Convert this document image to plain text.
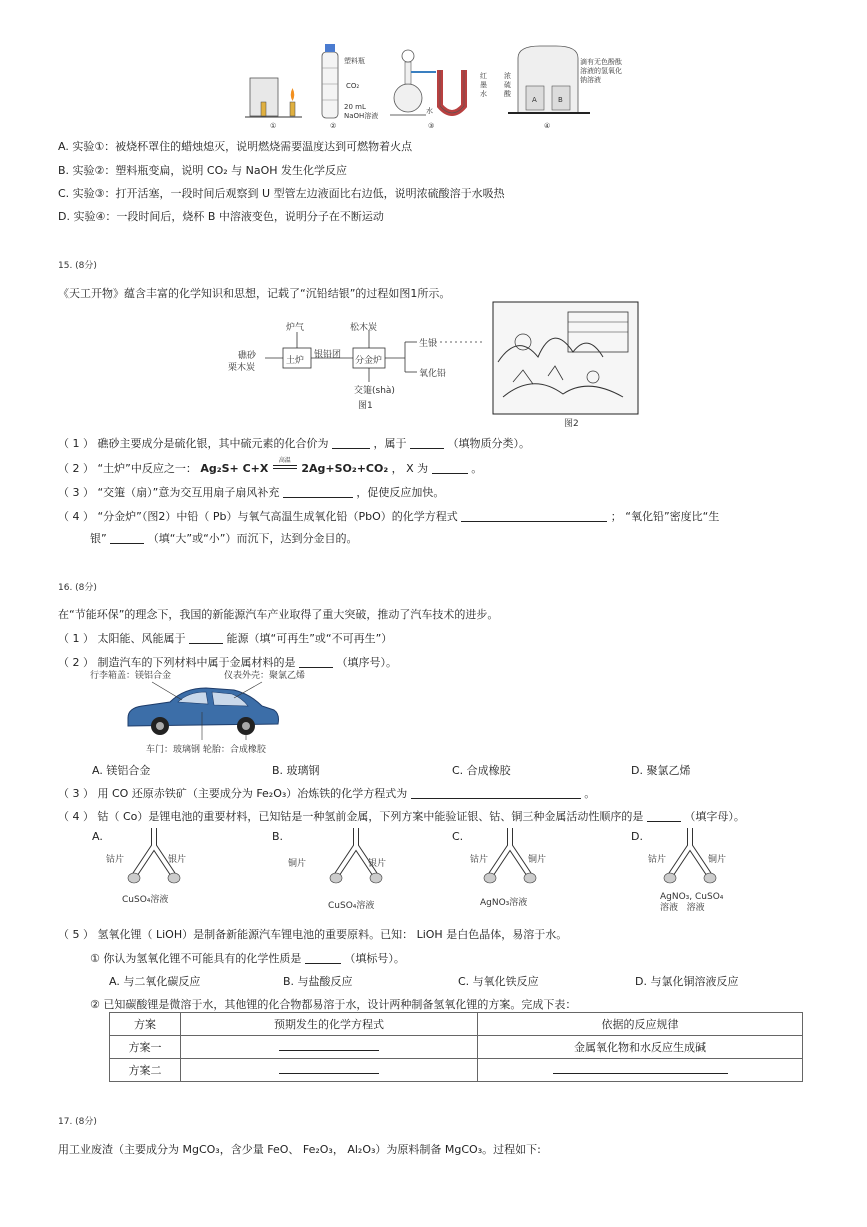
A	B
塑料瓶
CO₂
20 mL
NaOH溶液
水
红墨水
浓硫酸
滴有无色酚酞溶液的氢氧化钠溶液
①	②	③	④
A. 实验①：被烧杯罩住的蜡烛熄灭，说明燃烧需要温度达到可燃物着火点
B. 实验②：塑料瓶变扁，说明 CO₂ 与 NaOH 发生化学反应
C. 实验③：打开活塞，一段时间后观察到 U 型管左边液面比右边低，说明浓硫酸溶于水吸热
D. 实验④：一段时间后，烧杯 B 中溶液变色，说明分子在不断运动
15. (8分)
《天工开物》蕴含丰富的化学知识和思想，记载了“沉铅结银”的过程如图1所示。
礁砂
栗木炭
炉气
土炉
银铅团
松木炭
分金炉
生银
氧化铅
交箑(shà)
图1
图2
（ 1 ） 礁砂主要成分是硫化银，其中硫元素的化合价为	，属于	（填物质分类）。
（ 2 ） “土炉”中反应之一： Ag₂S+ C+X
高温
2Ag+SO₂+CO₂ ， X 为	。
（ 3 ） “交箑（扇）”意为交互用扇子扇风补充	，促使反应加快。
（ 4 ） “分金炉”（图2）中铅（ Pb）与氧气高温生成氧化铅（PbO）的化学方程式	； “氧化铅”密度比“生
银”	（填“大”或“小”）而沉下，达到分金目的。
16. (8分)
在“节能环保”的理念下，我国的新能源汽车产业取得了重大突破，推动了汽车技术的进步。
（ 1 ） 太阳能、风能属于	能源（填“可再生”或“不可再生”）
（ 2 ） 制造汽车的下列材料中属于金属材料的是	（填序号）。
行李箱盖：镁铝合金	仪表外壳：聚氯乙烯
车门：玻璃钢 轮胎：合成橡胶
A. 镁铝合金	B. 玻璃钢	C. 合成橡胶	D. 聚氯乙烯
（ 3 ） 用 CO 还原赤铁矿（主要成分为 Fe₂O₃）冶炼铁的化学方程式为	。
（ 4 ） 钴（ Co）是锂电池的重要材料，已知钴是一种氢前金属，下列方案中能验证银、钴、铜三种金属活动性顺序的是	（填字母）。
A.	B.	C.	D.
钴片	银片
CuSO₄溶液
铜片	银片
CuSO₄溶液
钴片	铜片
AgNO₃溶液
钴片	铜片
AgNO₃, CuSO₄
溶液   溶液
（ 5 ） 氢氧化锂（ LiOH）是制备新能源汽车锂电池的重要原料。已知： LiOH 是白色晶体，易溶于水。
① 你认为氢氧化锂不可能具有的化学性质是	（填标号）。
A. 与二氧化碳反应	B. 与盐酸反应	C. 与氧化铁反应	D. 与氯化铜溶液反应
② 已知碳酸锂是微溶于水，其他锂的化合物都易溶于水，设计两种制备氢氧化锂的方案。完成下表：
方案	预期发生的化学方程式	依据的反应规律
方案一		金属氧化物和水反应生成碱
方案二		
17. (8分)
用工业废渣（主要成分为 MgCO₃，含少量 FeO、 Fe₂O₃， Al₂O₃）为原料制备 MgCO₃。过程如下:
